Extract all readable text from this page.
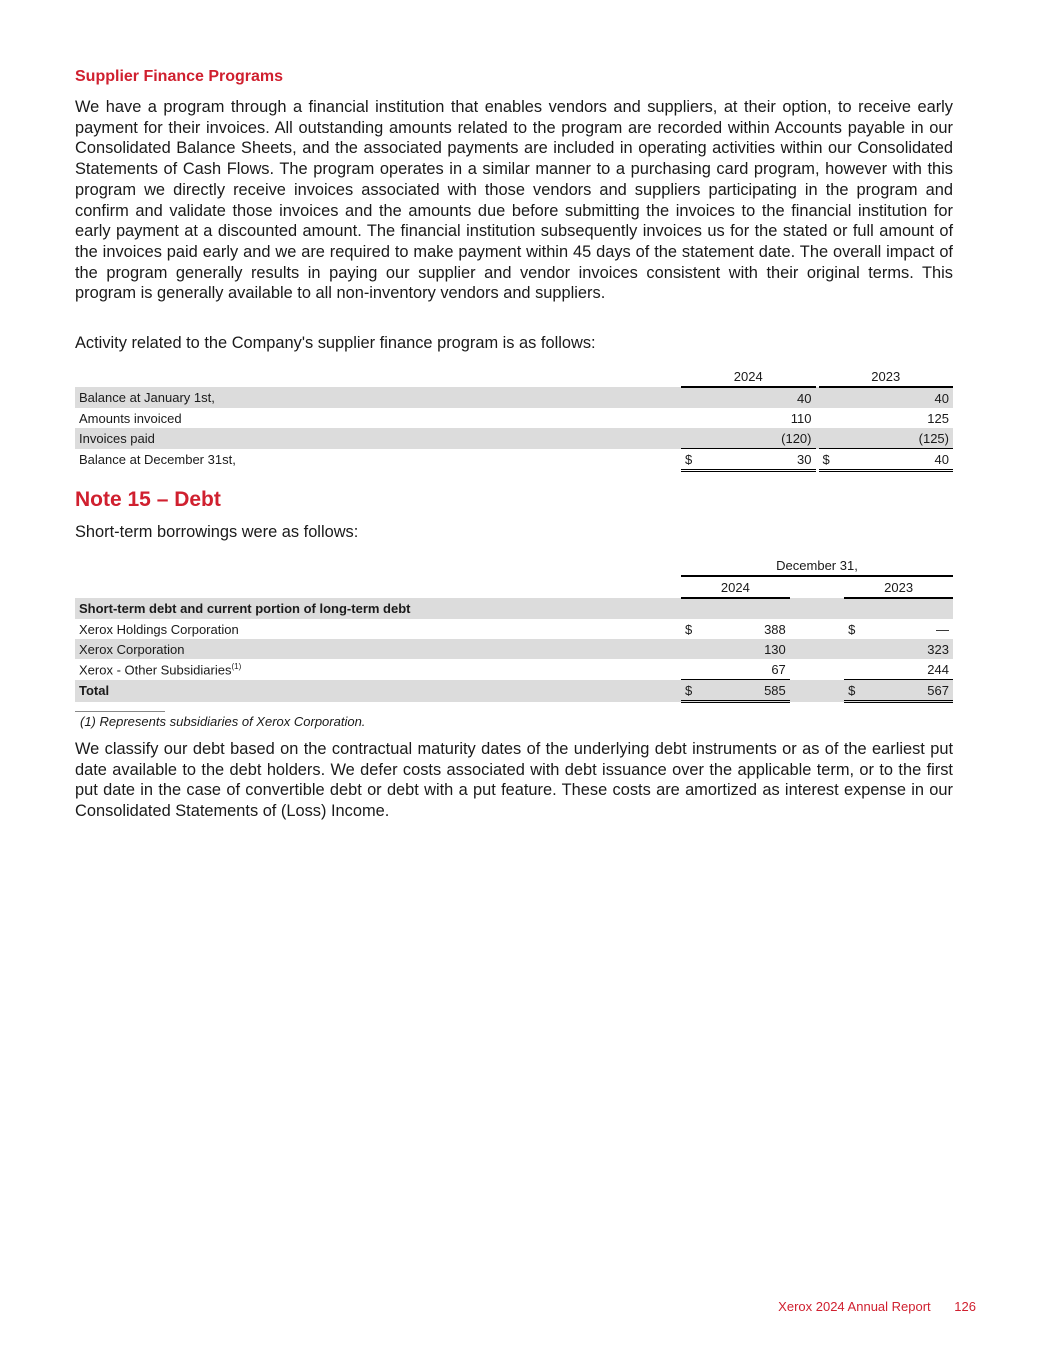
Supplier Finance Programs

We have a program through a financial institution that enables vendors and suppliers, at their option, to receive early payment for their invoices. All outstanding amounts related to the program are recorded within Accounts payable in our Consolidated Balance Sheets, and the associated payments are included in operating activities within our Consolidated Statements of Cash Flows. The program operates in a similar manner to a purchasing card program, however with this program we directly receive invoices associated with those vendors and suppliers participating in the program and confirm and validate those invoices and the amounts due before submitting the invoices to the financial institution for early payment at a discounted amount. The financial institution subsequently invoices us for the stated or full amount of the invoices paid early and we are required to make payment within 45 days of the statement date. The overall impact of the program generally results in paying our supplier and vendor invoices consistent with their original terms. This program is generally available to all non-inventory vendors and suppliers.

Activity related to the Company's supplier finance program is as follows:

	2024			2023	
Balance at January 1st,		40			40
Amounts invoiced		110			125
Invoices paid		(120)			(125)
Balance at December 31st,	$	30		$	40
Note 15 – Debt

Short-term borrowings were as follows:

	December 31,				
	2024			2023	
Short-term debt and current portion of long-term debt					
Xerox Holdings Corporation	$	388		$	—
Xerox Corporation		130			323
Xerox - Other Subsidiaries$^{(1)}$		67			244
Total	$	585		$	567
(1) Represents subsidiaries of Xerox Corporation.

We classify our debt based on the contractual maturity dates of the underlying debt instruments or as of the earliest put date available to the debt holders. We defer costs associated with debt issuance over the applicable term, or to the first put date in the case of convertible debt or debt with a put feature. These costs are amortized as interest expense in our Consolidated Statements of (Loss) Income.

Xerox 2024 Annual Report 126
